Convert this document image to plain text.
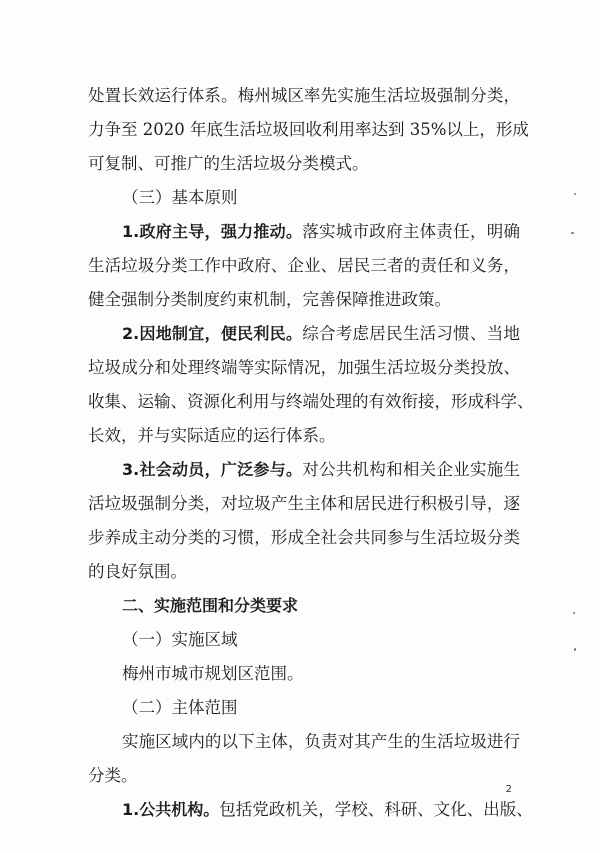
处置长效运行体系。梅州城区率先实施生活垃圾强制分类，
力争至 2020 年底生活垃圾回收利用率达到 35%以上，形成
可复制、可推广的生活垃圾分类模式。
（三）基本原则
1.政府主导，强力推动。落实城市政府主体责任，明确
生活垃圾分类工作中政府、企业、居民三者的责任和义务，
健全强制分类制度约束机制，完善保障推进政策。
2.因地制宜，便民利民。综合考虑居民生活习惯、当地
垃圾成分和处理终端等实际情况，加强生活垃圾分类投放、
收集、运输、资源化利用与终端处理的有效衔接，形成科学、
长效，并与实际适应的运行体系。
3.社会动员，广泛参与。对公共机构和相关企业实施生
活垃圾强制分类，对垃圾产生主体和居民进行积极引导，逐
步养成主动分类的习惯，形成全社会共同参与生活垃圾分类
的良好氛围。
二、实施范围和分类要求
（一）实施区域
梅州市城市规划区范围。
（二）主体范围
实施区域内的以下主体，负责对其产生的生活垃圾进行
分类。
1.公共机构。包括党政机关，学校、科研、文化、出版、
2
